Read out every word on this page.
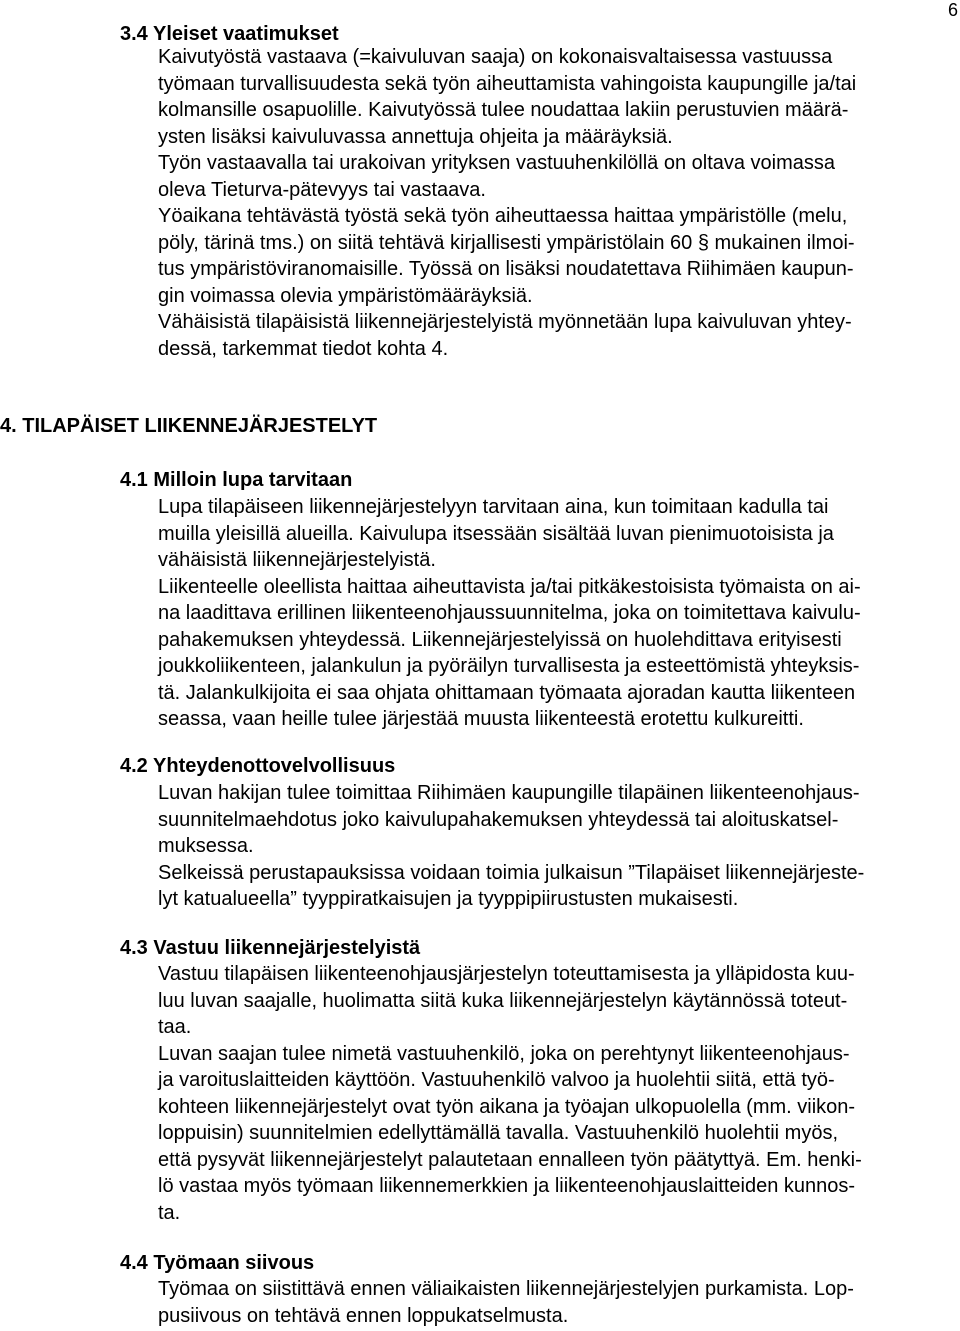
6
3.4 Yleiset vaatimukset
Kaivutyöstä vastaava (=kaivuluvan saaja) on kokonaisvaltaisessa vastuussa
työmaan turvallisuudesta sekä työn aiheuttamista vahingoista kaupungille ja/tai
kolmansille osapuolille. Kaivutyössä tulee noudattaa lakiin perustuvien määrä-
ysten lisäksi kaivuluvassa annettuja ohjeita ja määräyksiä.
Työn vastaavalla tai urakoivan yrityksen vastuuhenkilöllä on oltava voimassa
oleva Tieturva-pätevyys tai vastaava.
Yöaikana tehtävästä työstä sekä työn aiheuttaessa haittaa ympäristölle (melu,
pöly, tärinä tms.) on siitä tehtävä kirjallisesti ympäristölain 60 § mukainen ilmoi-
tus ympäristöviranomaisille. Työssä on lisäksi noudatettava Riihimäen kaupun-
gin voimassa olevia ympäristömääräyksiä.
Vähäisistä tilapäisistä liikennejärjestelyistä myönnetään lupa kaivuluvan yhtey-
dessä, tarkemmat tiedot kohta 4.
4. TILAPÄISET LIIKENNEJÄRJESTELYT
4.1 Milloin lupa tarvitaan
Lupa tilapäiseen liikennejärjestelyyn tarvitaan aina, kun toimitaan kadulla tai
muilla yleisillä alueilla. Kaivulupa itsessään sisältää luvan pienimuotoisista ja
vähäisistä liikennejärjestelyistä.
Liikenteelle oleellista haittaa aiheuttavista ja/tai pitkäkestoisista työmaista on ai-
na laadittava erillinen liikenteenohjaussuunnitelma, joka on toimitettava kaivulu-
pahakemuksen yhteydessä. Liikennejärjestelyissä on huolehdittava erityisesti
joukkoliikenteen, jalankulun ja pyöräilyn turvallisesta ja esteettömistä yhteyksis-
tä. Jalankulkijoita ei saa ohjata ohittamaan työmaata ajoradan kautta liikenteen
seassa, vaan heille tulee järjestää muusta liikenteestä erotettu kulkureitti.
4.2 Yhteydenottovelvollisuus
Luvan hakijan tulee toimittaa Riihimäen kaupungille tilapäinen liikenteenohjaus-
suunnitelmaehdotus joko kaivulupahakemuksen yhteydessä tai aloituskatsel-
muksessa.
Selkeissä perustapauksissa voidaan toimia julkaisun ”Tilapäiset liikennejärjeste-
lyt katualueella” tyyppiratkaisujen ja tyyppipiirustusten mukaisesti.
4.3 Vastuu liikennejärjestelyistä
Vastuu tilapäisen liikenteenohjausjärjestelyn toteuttamisesta ja ylläpidosta kuu-
luu luvan saajalle, huolimatta siitä kuka liikennejärjestelyn käytännössä toteut-
taa.
Luvan saajan tulee nimetä vastuuhenkilö, joka on perehtynyt liikenteenohjaus-
ja varoituslaitteiden käyttöön. Vastuuhenkilö valvoo ja huolehtii siitä, että työ-
kohteen liikennejärjestelyt ovat työn aikana ja työajan ulkopuolella (mm. viikon-
loppuisin) suunnitelmien edellyttämällä tavalla. Vastuuhenkilö huolehtii myös,
että pysyvät liikennejärjestelyt palautetaan ennalleen työn päätyttyä. Em. henki-
lö vastaa myös työmaan liikennemerkkien ja liikenteenohjauslaitteiden kunnos-
ta.
4.4 Työmaan siivous
Työmaa on siistittävä ennen väliaikaisten liikennejärjestelyjen purkamista. Lop-
pusiivous on tehtävä ennen loppukatselmusta.
